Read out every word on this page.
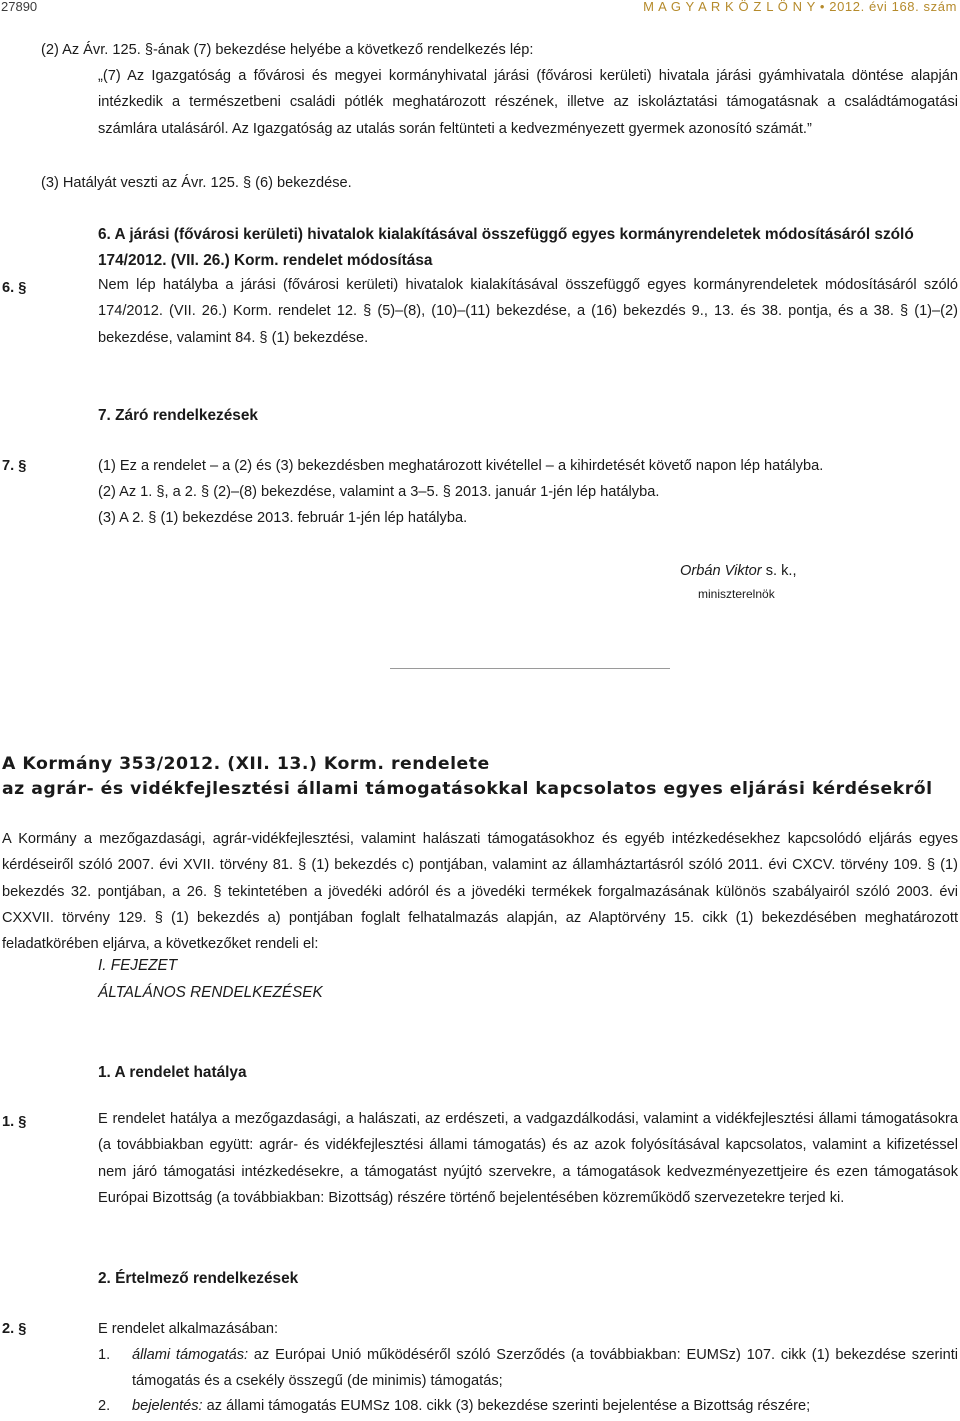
27890	M A G Y A R K Ö Z L Ö N Y • 2012. évi 168. szám
(2) Az Ávr. 125. §-ának (7) bekezdése helyébe a következő rendelkezés lép:

„(7) Az Igazgatóság a fővárosi és megyei kormányhivatal járási (fővárosi kerületi) hivatala járási gyámhivatala döntése alapján intézkedik a természetbeni családi pótlék meghatározott részének, illetve az iskoláztatási támogatásnak a családtámogatási számlára utalásáról. Az Igazgatóság az utalás során feltünteti a kedvezményezett gyermek azonosító számát.”

(3) Hatályát veszti az Ávr. 125. § (6) bekezdése.

6. A járási (fővárosi kerületi) hivatalok kialakításával összefüggő egyes kormányrendeletek módosításáról szóló 174/2012. (VII. 26.) Korm. rendelet módosítása

6. §	Nem lép hatályba a járási (fővárosi kerületi) hivatalok kialakításával összefüggő egyes kormányrendeletek módosításáról szóló 174/2012. (VII. 26.) Korm. rendelet 12. § (5)–(8), (10)–(11) bekezdése, a (16) bekezdés 9., 13. és 38. pontja, és a 38. § (1)–(2) bekezdése, valamint 84. § (1) bekezdése.

7. Záró rendelkezések

7. §	(1) Ez a rendelet – a (2) és (3) bekezdésben meghatározott kivétellel – a kihirdetését követő napon lép hatályba.
(2) Az 1. §, a 2. § (2)–(8) bekezdése, valamint a 3–5. § 2013. január 1-jén lép hatályba.
(3) A 2. § (1) bekezdése 2013. február 1-jén lép hatályba.
Orbán Viktor s. k.,
miniszterelnök
A Kormány 353/2012. (XII. 13.) Korm. rendelete
az agrár- és vidékfejlesztési állami támogatásokkal kapcsolatos egyes eljárási kérdésekről

A Kormány a mezőgazdasági, agrár-vidékfejlesztési, valamint halászati támogatásokhoz és egyéb intézkedésekhez kapcsolódó eljárás egyes kérdéseiről szóló 2007. évi XVII. törvény 81. § (1) bekezdés c) pontjában, valamint az államháztartásról szóló 2011. évi CXCV. törvény 109. § (1) bekezdés 32. pontjában, a 26. § tekintetében a jövedéki adóról és a jövedéki termékek forgalmazásának különös szabályairól szóló 2003. évi CXXVII. törvény 129. § (1) bekezdés a) pontjában foglalt felhatalmazás alapján, az Alaptörvény 15. cikk (1) bekezdésében meghatározott feladatkörében eljárva, a következőket rendeli el:

I. FEJEZET
ÁLTALÁNOS RENDELKEZÉSEK

1. A rendelet hatálya

1. §	E rendelet hatálya a mezőgazdasági, a halászati, az erdészeti, a vadgazdálkodási, valamint a vidékfejlesztési állami támogatásokra (a továbbiakban együtt: agrár- és vidékfejlesztési állami támogatás) és az azok folyósításával kapcsolatos, valamint a kifizetéssel nem járó támogatási intézkedésekre, a támogatást nyújtó szervekre, a támogatások kedvezményezettjeire és ezen támogatások Európai Bizottság (a továbbiakban: Bizottság) részére történő bejelentésében közreműködő szervezetekre terjed ki.

2. Értelmező rendelkezések

2. §	E rendelet alkalmazásában:
1. állami támogatás: az Európai Unió működéséről szóló Szerződés (a továbbiakban: EUMSz) 107. cikk (1) bekezdése szerinti támogatás és a csekély összegű (de minimis) támogatás;
2. bejelentés: az állami támogatás EUMSz 108. cikk (3) bekezdése szerinti bejelentése a Bizottság részére;
